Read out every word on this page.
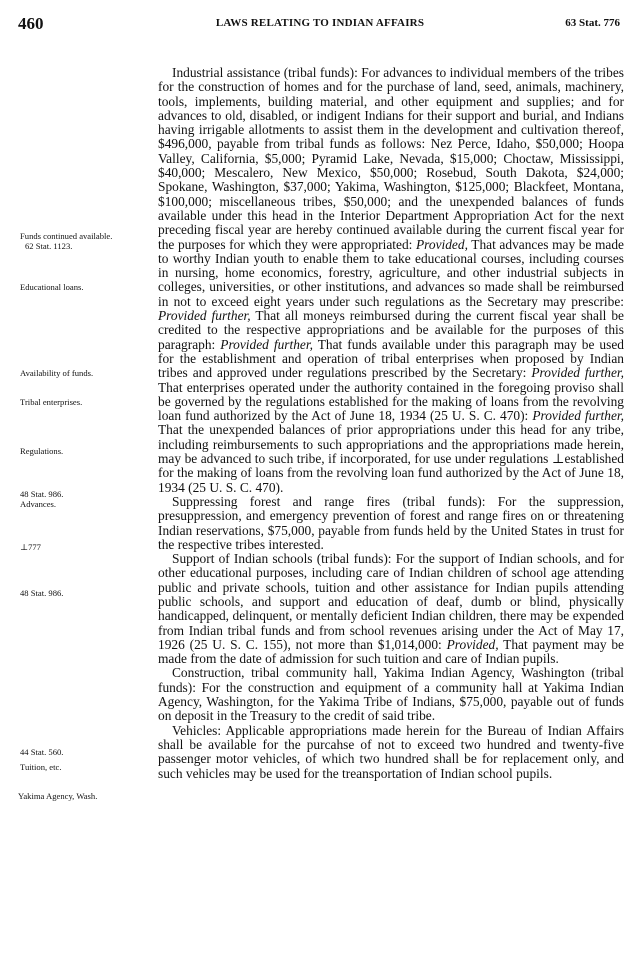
460	LAWS RELATING TO INDIAN AFFAIRS	63 Stat. 776
Funds continued available.
62 Stat. 1123.
Educational loans.
Availability of funds.
Tribal enterprises.
Regulations.
48 Stat. 986.
Advances.
⊥777
48 Stat. 986.
44 Stat. 560.
Tuition, etc.
Yakima Agency, Wash.

Industrial assistance (tribal funds): For advances to individual members of the tribes for the construction of homes and for the purchase of land, seed, animals, machinery, tools, implements, building material, and other equipment and supplies; and for advances to old, disabled, or indigent Indians for their support and burial, and Indians having irrigable allotments to assist them in the development and cultivation thereof, $496,000, payable from tribal funds as follows: Nez Perce, Idaho, $50,000; Hoopa Valley, California, $5,000; Pyramid Lake, Nevada, $15,000; Choctaw, Mississippi, $40,000; Mescalero, New Mexico, $50,000; Rosebud, South Dakota, $24,000; Spokane, Washington, $37,000; Yakima, Washington, $125,000; Blackfeet, Montana, $100,000; miscellaneous tribes, $50,000; and the unexpended balances of funds available under this head in the Interior Department Appropriation Act for the next preceding fiscal year are hereby continued available during the current fiscal year for the purposes for which they were appropriated: Provided, That advances may be made to worthy Indian youth to enable them to take educational courses, including courses in nursing, home economics, forestry, agriculture, and other industrial subjects in colleges, universities, or other institutions, and advances so made shall be reimbursed in not to exceed eight years under such regulations as the Secretary may prescribe: Provided further, That all moneys reimbursed during the current fiscal year shall be credited to the respective appropriations and be available for the purposes of this paragraph: Provided further, That funds available under this paragraph may be used for the establishment and operation of tribal enterprises when proposed by Indian tribes and approved under regulations prescribed by the Secretary: Provided further, That enterprises operated under the authority contained in the foregoing proviso shall be governed by the regulations established for the making of loans from the revolving loan fund authorized by the Act of June 18, 1934 (25 U. S. C. 470): Provided further, That the unexpended balances of prior appropriations under this head for any tribe, including reimbursements to such appropriations and the appropriations made herein, may be advanced to such tribe, if incorporated, for use under regulations ⊥established for the making of loans from the revolving loan fund authorized by the Act of June 18, 1934 (25 U. S. C. 470).

Suppressing forest and range fires (tribal funds): For the suppression, presuppression, and emergency prevention of forest and range fires on or threatening Indian reservations, $75,000, payable from funds held by the United States in trust for the respective tribes interested.

Support of Indian schools (tribal funds): For the support of Indian schools, and for other educational purposes, including care of Indian children of school age attending public and private schools, tuition and other assistance for Indian pupils attending public schools, and support and education of deaf, dumb or blind, physically handicapped, delinquent, or mentally deficient Indian children, there may be expended from Indian tribal funds and from school revenues arising under the Act of May 17, 1926 (25 U. S. C. 155), not more than $1,014,000: Provided, That payment may be made from the date of admission for such tuition and care of Indian pupils.

Construction, tribal community hall, Yakima Indian Agency, Washington (tribal funds): For the construction and equipment of a community hall at Yakima Indian Agency, Washington, for the Yakima Tribe of Indians, $75,000, payable out of funds on deposit in the Treasury to the credit of said tribe.

Vehicles: Applicable appropriations made herein for the Bureau of Indian Affairs shall be available for the purcahse of not to exceed two hundred and twenty-five passenger motor vehicles, of which two hundred shall be for replacement only, and such vehicles may be used for the treansportation of Indian school pupils.
